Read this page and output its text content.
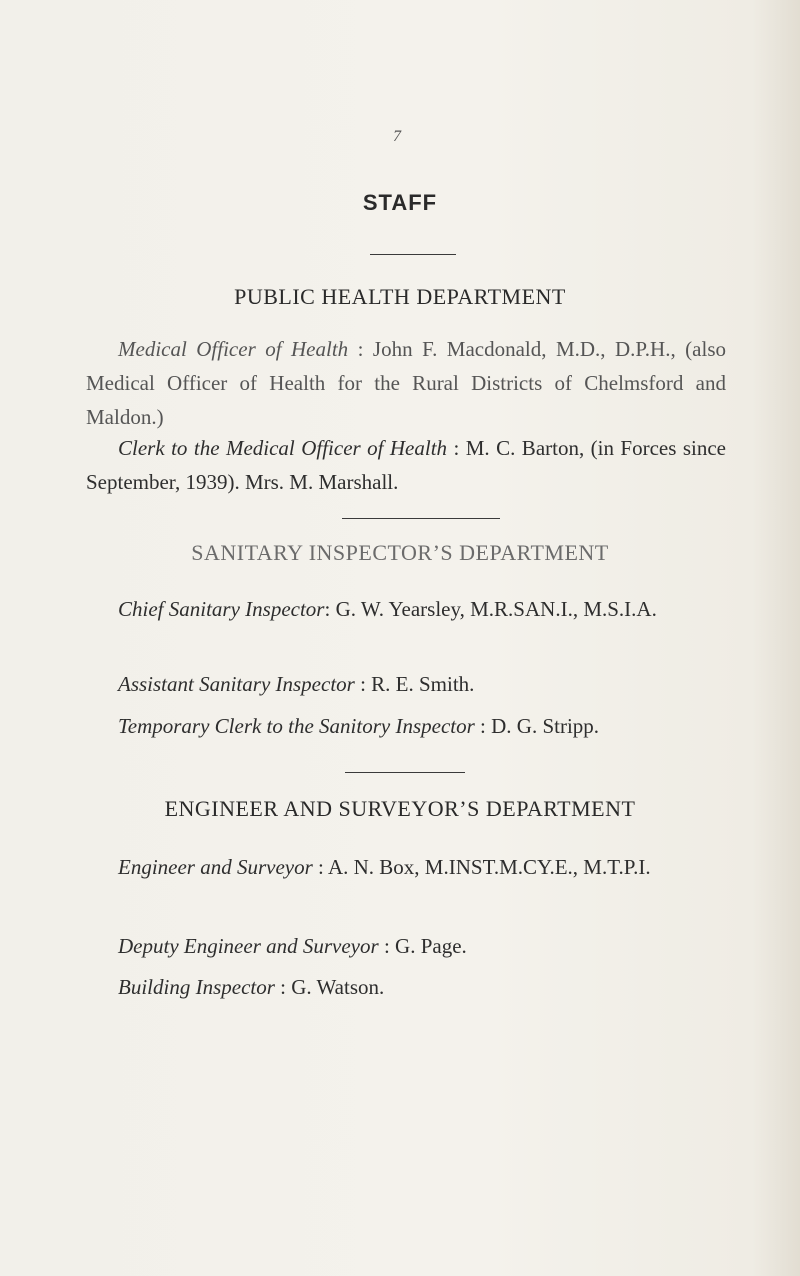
7
STAFF
PUBLIC HEALTH DEPARTMENT
Medical Officer of Health : John F. Macdonald, M.D., D.P.H., (also Medical Officer of Health for the Rural Districts of Chelmsford and Maldon.)
Clerk to the Medical Officer of Health : M. C. Barton, (in Forces since September, 1939). Mrs. M. Marshall.
SANITARY INSPECTOR’S DEPARTMENT
Chief Sanitary Inspector: G. W. Yearsley, M.R.SAN.I., M.S.I.A.
Assistant Sanitary Inspector : R. E. Smith.
Temporary Clerk to the Sanitory Inspector : D. G. Stripp.
ENGINEER AND SURVEYOR’S DEPARTMENT
Engineer and Surveyor : A. N. Box, M.INST.M.CY.E., M.T.P.I.
Deputy Engineer and Surveyor : G. Page.
Building Inspector : G. Watson.
